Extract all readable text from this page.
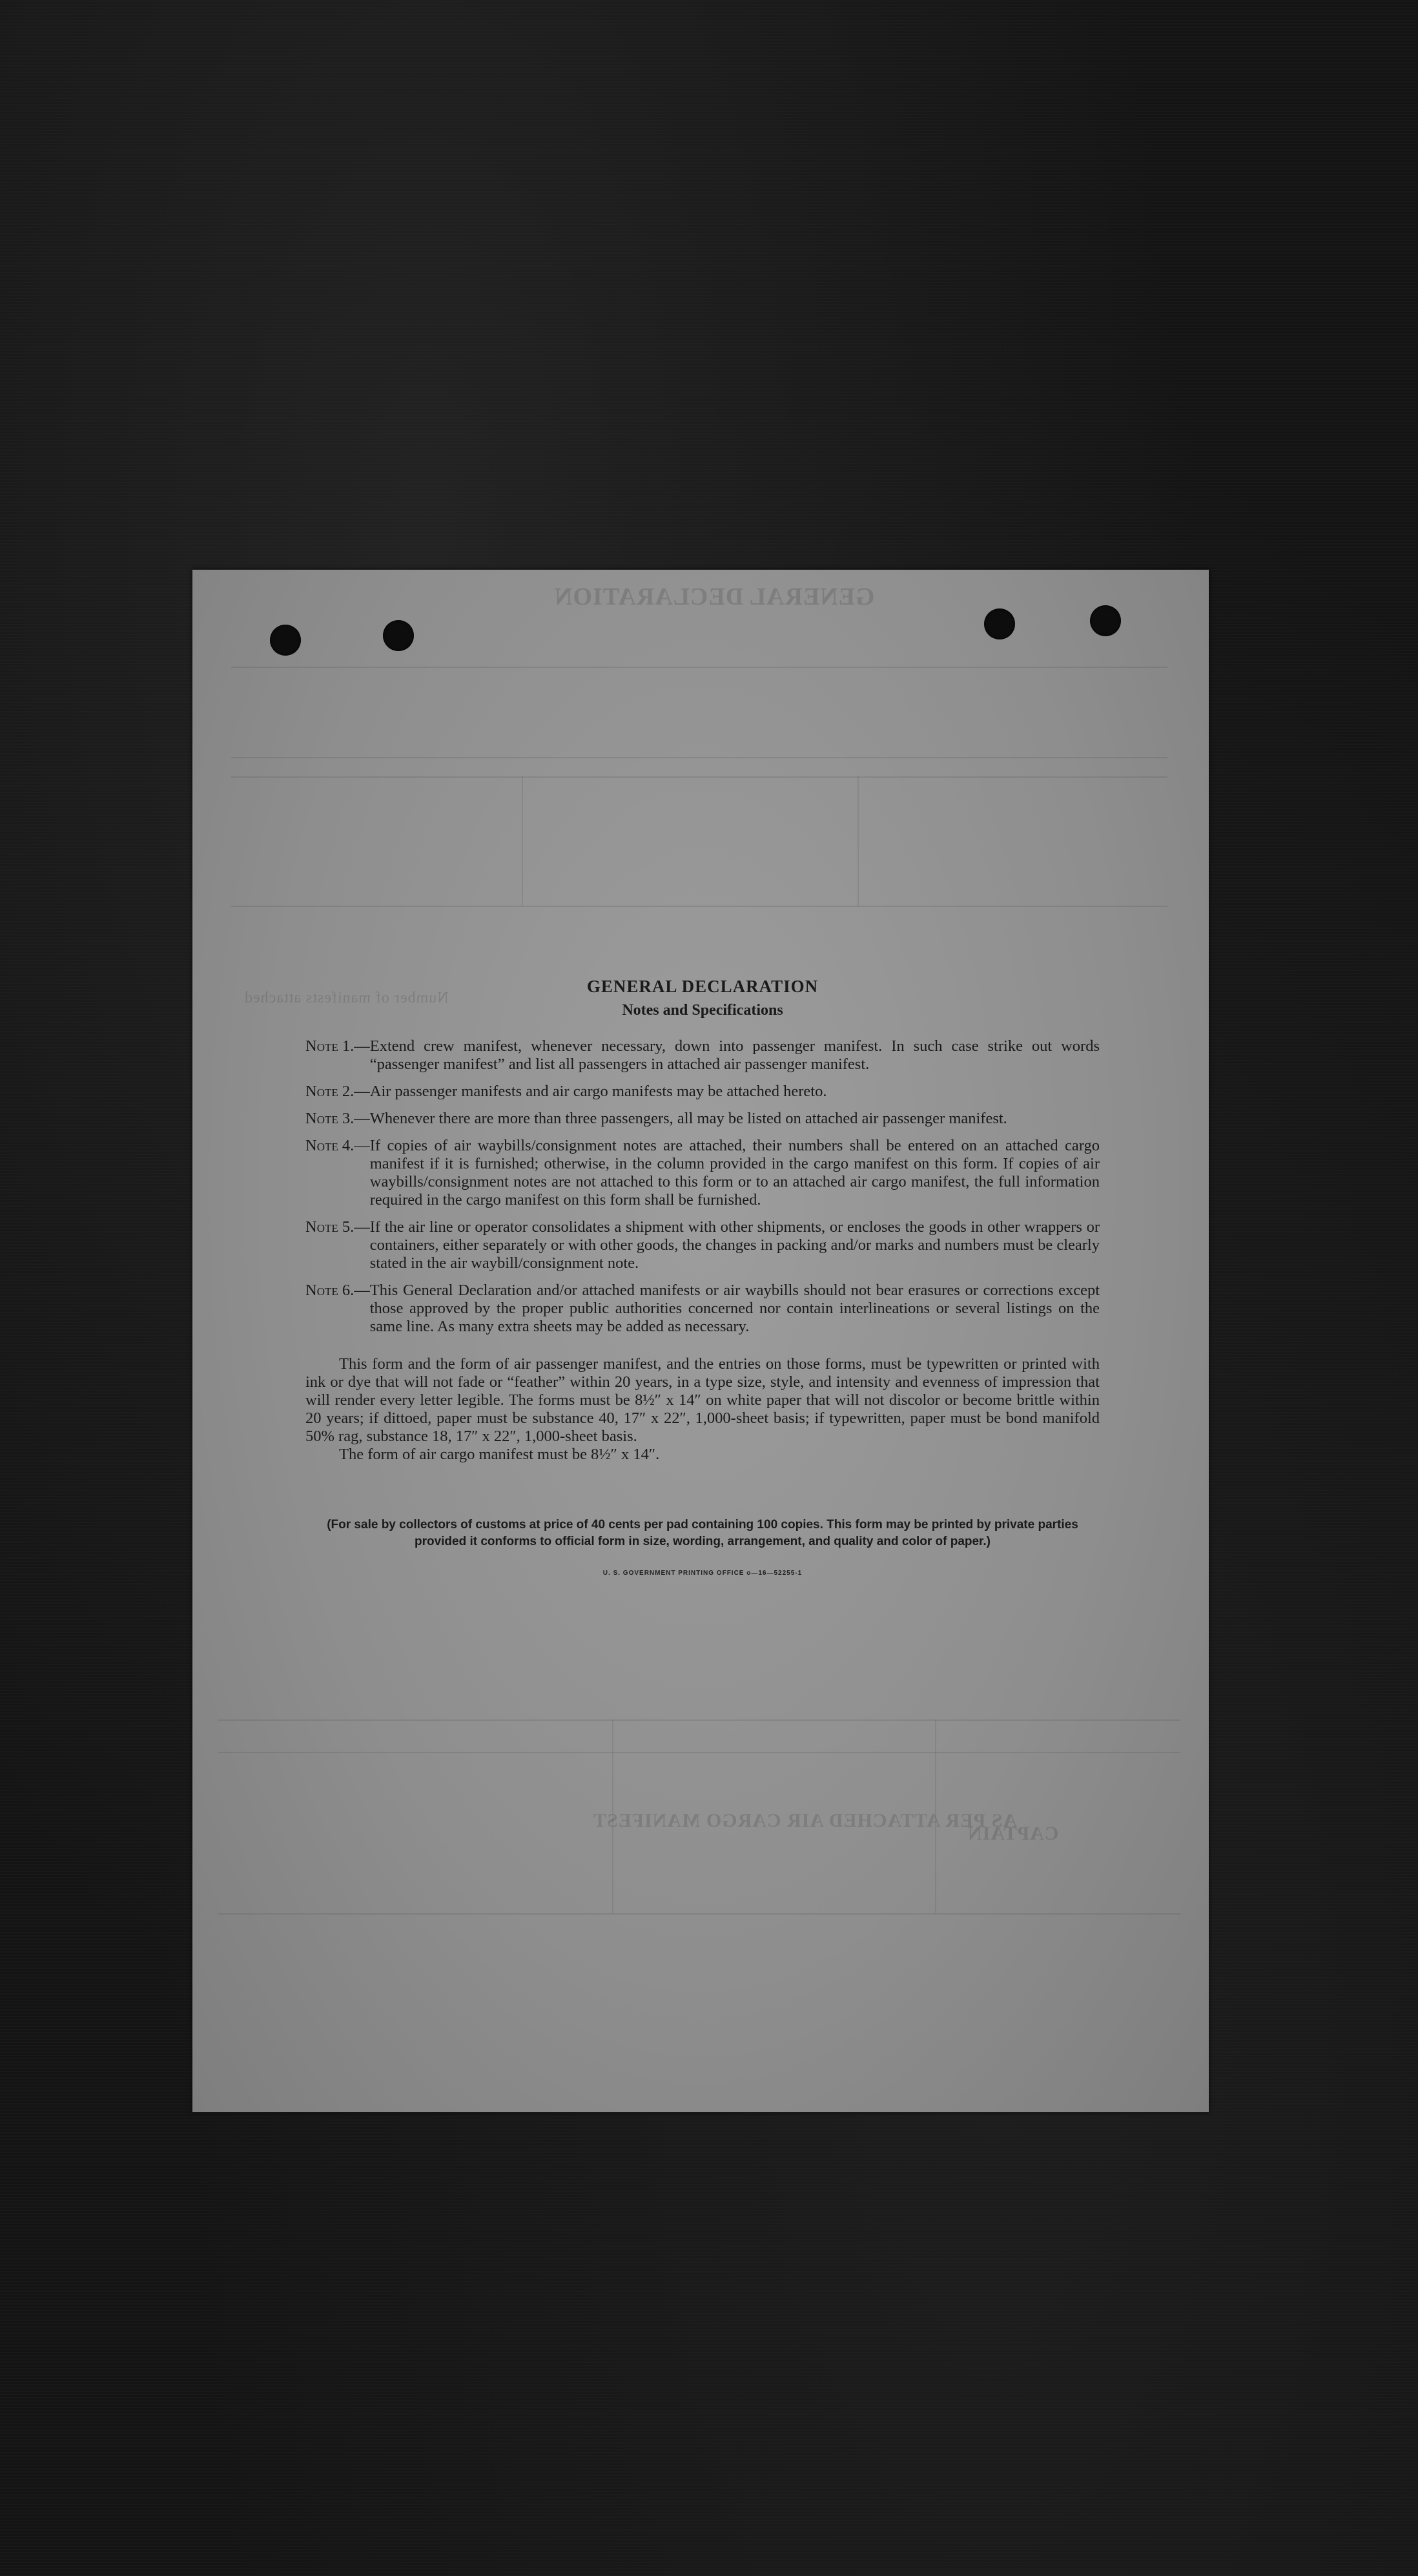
GENERAL DECLARATION
Number of manifests attached
CAPTAIN
AS PER ATTACHED AIR CARGO MANIFEST
GENERAL DECLARATION
Notes and Specifications
Note 1.— Extend crew manifest, whenever necessary, down into passenger manifest. In such case strike out words “passenger manifest” and list all passengers in attached air passenger manifest.
Note 2.— Air passenger manifests and air cargo manifests may be attached hereto.
Note 3.— Whenever there are more than three passengers, all may be listed on attached air passenger manifest.
Note 4.— If copies of air waybills/consignment notes are attached, their numbers shall be entered on an attached cargo manifest if it is furnished; otherwise, in the column provided in the cargo manifest on this form. If copies of air waybills/consignment notes are not attached to this form or to an attached air cargo manifest, the full information required in the cargo manifest on this form shall be furnished.
Note 5.— If the air line or operator consolidates a shipment with other shipments, or encloses the goods in other wrappers or containers, either separately or with other goods, the changes in packing and/or marks and numbers must be clearly stated in the air waybill/consignment note.
Note 6.— This General Declaration and/or attached manifests or air waybills should not bear erasures or corrections except those approved by the proper public authorities concerned nor contain interlineations or several listings on the same line. As many extra sheets may be added as necessary.

This form and the form of air passenger manifest, and the entries on those forms, must be typewritten or printed with ink or dye that will not fade or “feather” within 20 years, in a type size, style, and intensity and evenness of impression that will render every letter legible. The forms must be 8½″ x 14″ on white paper that will not discolor or become brittle within 20 years; if dittoed, paper must be substance 40, 17″ x 22″, 1,000-sheet basis; if typewritten, paper must be bond manifold 50% rag, substance 18, 17″ x 22″, 1,000-sheet basis.

The form of air cargo manifest must be 8½″ x 14″.

(For sale by collectors of customs at price of 40 cents per pad containing 100 copies. This form may be printed by private parties provided it conforms to official form in size, wording, arrangement, and quality and color of paper.)
U. S. GOVERNMENT PRINTING OFFICE o—16—52255-1
